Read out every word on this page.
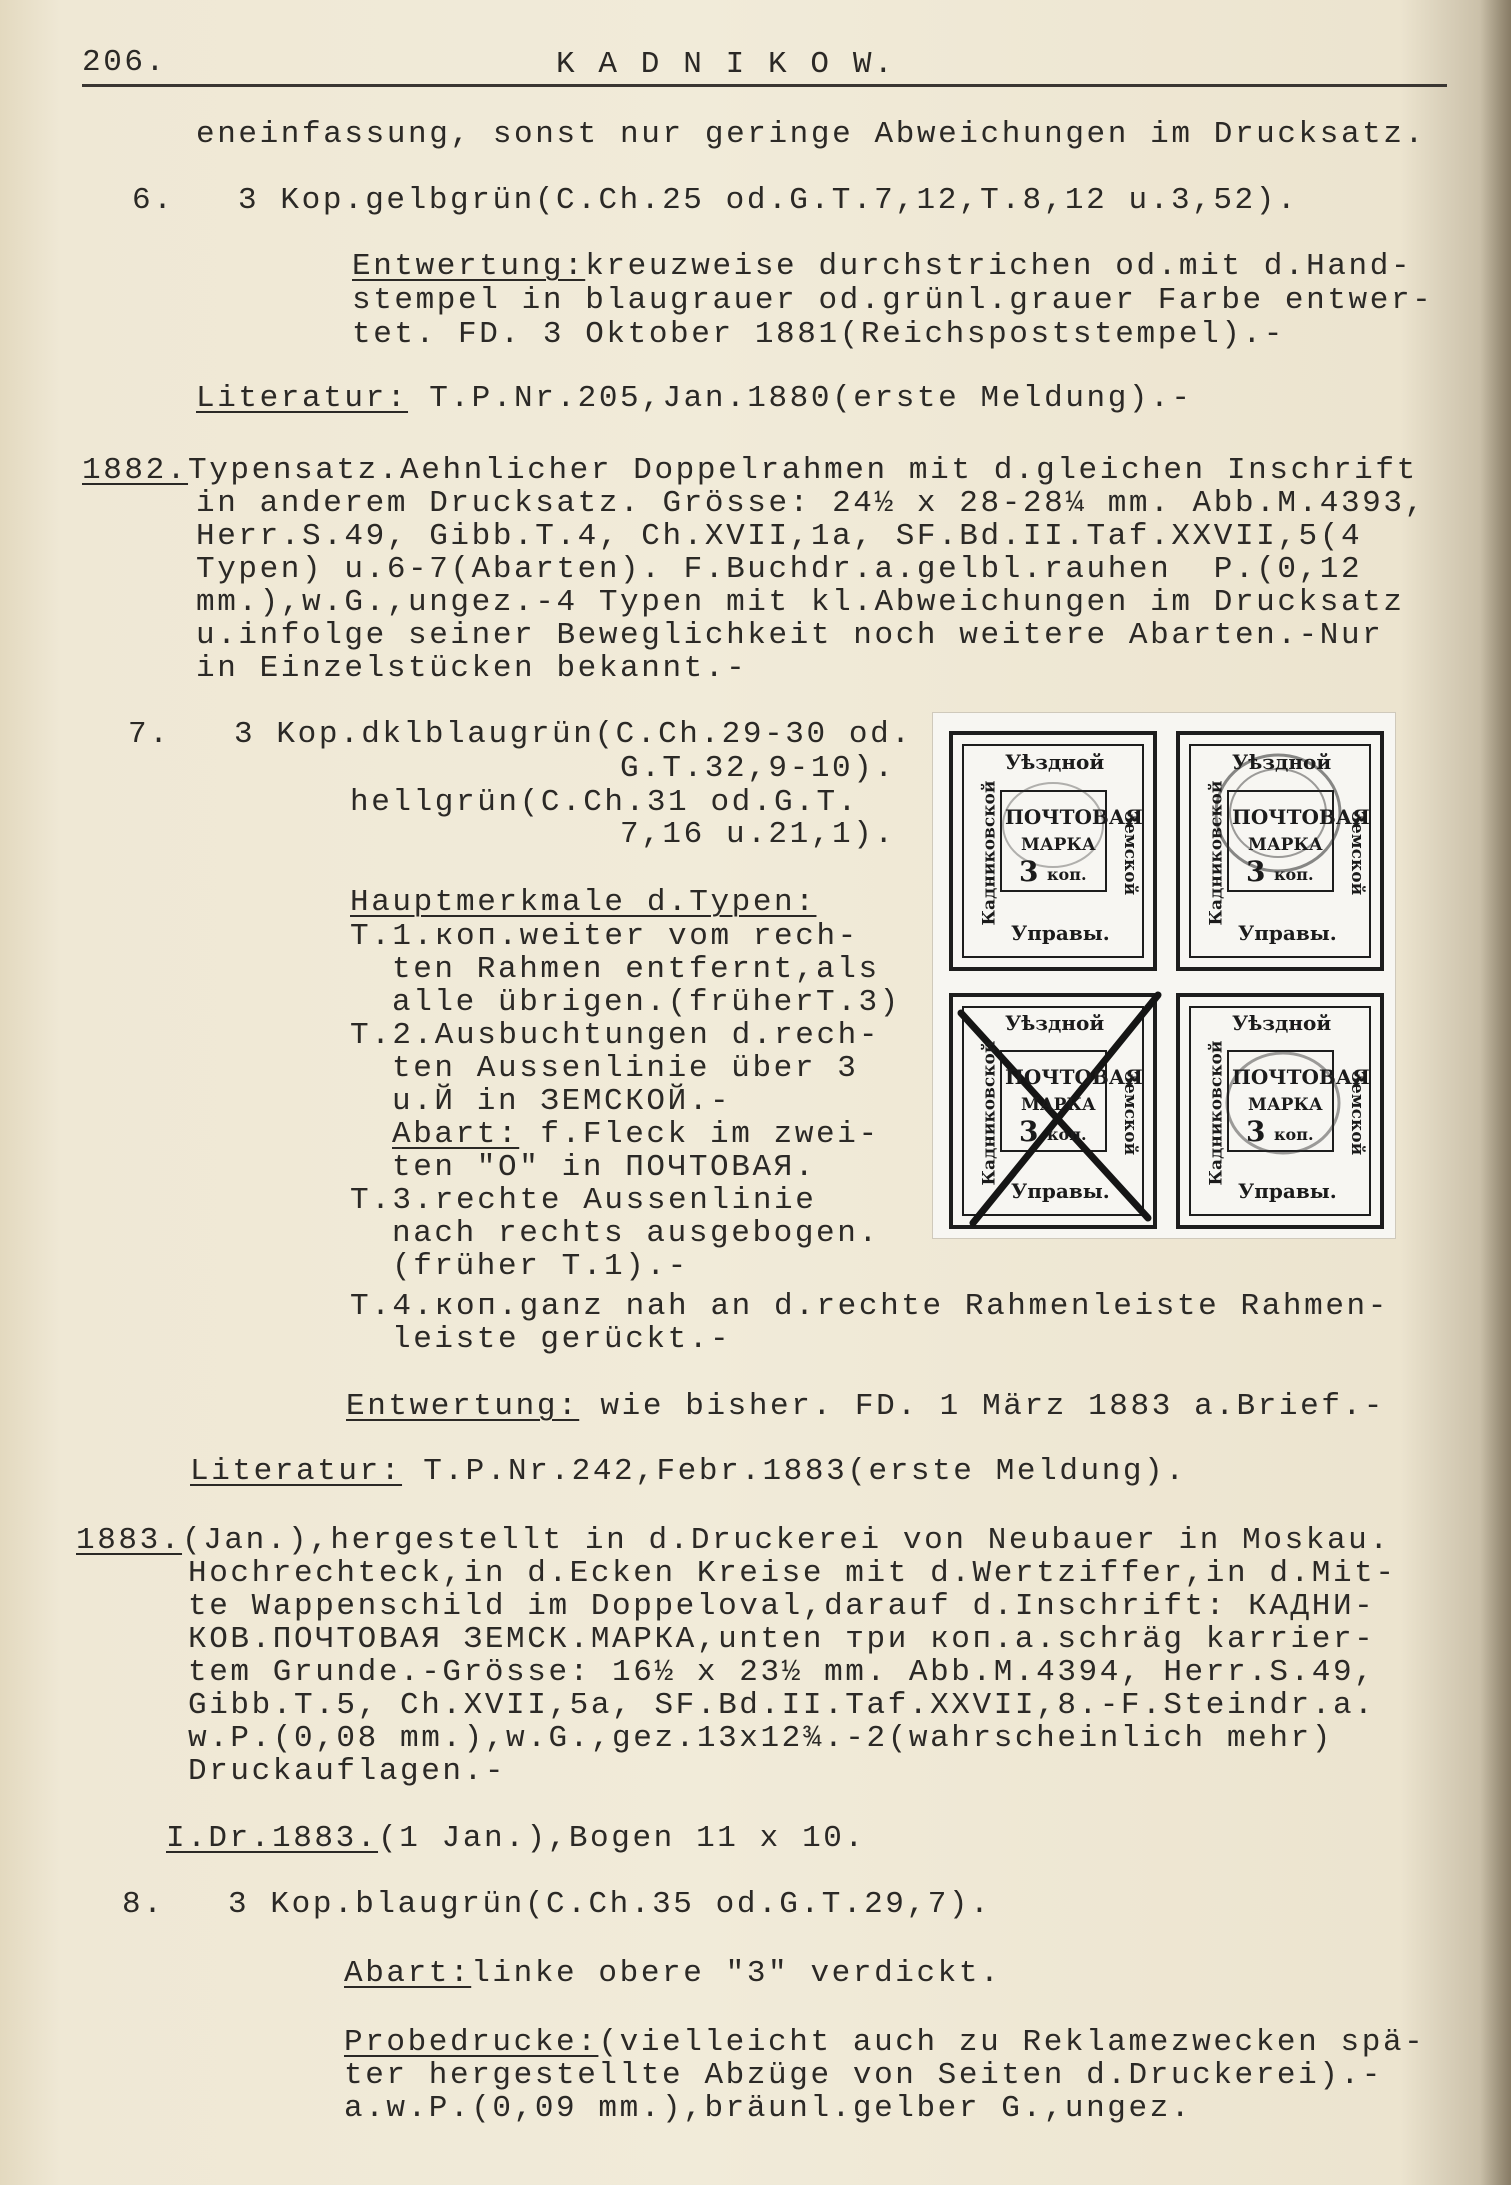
206.	K A D N I K O W.
eneinfassung, sonst nur geringe Abweichungen im Drucksatz.
6.   3 Kop.gelbgrün(C.Ch.25 od.G.T.7,12,T.8,12 u.3,52).
Entwertung:kreuzweise durchstrichen od.mit d.Hand-
stempel in blaugrauer od.grünl.grauer Farbe entwer-
tet. FD. 3 Oktober 1881(Reichspoststempel).-
Literatur: T.P.Nr.205,Jan.1880(erste Meldung).-
1882.Typensatz.Aehnlicher Doppelrahmen mit d.gleichen Inschrift
in anderem Drucksatz. Grösse: 24½ x 28-28¼ mm. Abb.M.4393,
Herr.S.49, Gibb.T.4, Ch.XVII,1a, SF.Bd.II.Taf.XXVII,5(4
Typen) u.6-7(Abarten). F.Buchdr.a.gelbl.rauhen  P.(0,12
mm.),w.G.,ungez.-4 Typen mit kl.Abweichungen im Drucksatz
u.infolge seiner Beweglichkeit noch weitere Abarten.-Nur
in Einzelstücken bekannt.-
7.   3 Kop.dklblaugrün(C.Ch.29-30 od.
G.T.32,9-10).
hellgrün(C.Ch.31 od.G.T.
7,16 u.21,1).
Hauptmerkmale d.Typen:
T.1.коп.weiter vom rech-
ten Rahmen entfernt,als
alle übrigen.(früherT.3)
T.2.Ausbuchtungen d.rech-
ten Aussenlinie über 3
u.Й in ЗЕМСКОЙ.-
Abart: f.Fleck im zwei-
ten "O" in ПОЧТОВАЯ.
T.3.rechte Aussenlinie
nach rechts ausgebogen.
(früher T.1).-
T.4.коп.ganz nah an d.rechte Rahmenleiste Rahmen-
leiste gerückt.-
Entwertung: wie bisher. FD. 1 März 1883 a.Brief.-
Literatur: T.P.Nr.242,Febr.1883(erste Meldung).
1883.(Jan.),hergestellt in d.Druckerei von Neubauer in Moskau.
Hochrechteck,in d.Ecken Kreise mit d.Wertziffer,in d.Mit-
te Wappenschild im Doppeloval,darauf d.Inschrift: КАДНИ-
КОВ.ПОЧТОВАЯ ЗЕМСК.МАРКА,unten три коп.a.schräg karrier-
tem Grunde.-Grösse: 16½ x 23½ mm. Abb.M.4394, Herr.S.49,
Gibb.T.5, Ch.XVII,5a, SF.Bd.II.Taf.XXVII,8.-F.Steindr.a.
w.P.(0,08 mm.),w.G.,gez.13x12¾.-2(wahrscheinlich mehr)
Druckauflagen.-
I.Dr.1883.(1 Jan.),Bogen 11 x 10.
8.   3 Kop.blaugrün(C.Ch.35 od.G.T.29,7).
Abart:linke obere "3" verdickt.
Probedrucke:(vielleicht auch zu Reklamezwecken spä-
ter hergestellte Abzüge von Seiten d.Druckerei).-
a.w.P.(0,09 mm.),bräunl.gelber G.,ungez.
Уѣздной
ПОЧТОВАЯ
МАРКА
3 коп.
Управы.
Кадниковской	Земской
Уѣздной
ПОЧТОВАЯ
МАРКА
3 коп.
Управы.
Кадниковской	Земской
Уѣздной
ПОЧТОВАЯ
МАРКА
3 коп.
Управы.
Кадниковской	Земской
Уѣздной
ПОЧТОВАЯ
МАРКА
3 коп.
Управы.
Кадниковской	Земской
